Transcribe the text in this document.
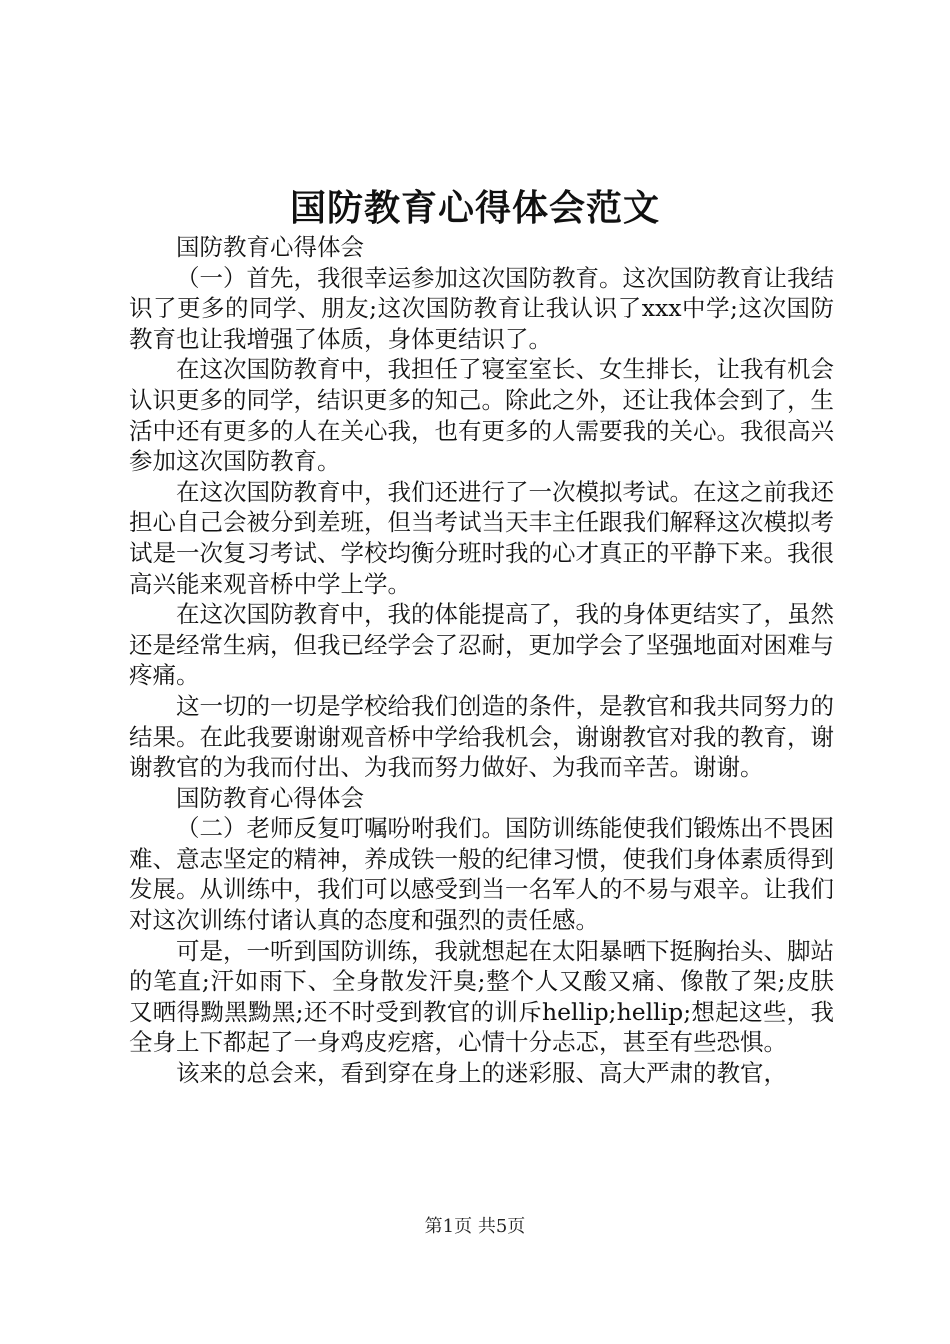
国防教育心得体会范文

国防教育心得体会

（一）首先，我很幸运参加这次国防教育。这次国防教育让我结识了更多的同学、朋友;这次国防教育让我认识了xxx中学;这次国防教育也让我增强了体质，身体更结识了。

在这次国防教育中，我担任了寝室室长、女生排长，让我有机会认识更多的同学，结识更多的知己。除此之外，还让我体会到了，生活中还有更多的人在关心我，也有更多的人需要我的关心。我很高兴参加这次国防教育。

在这次国防教育中，我们还进行了一次模拟考试。在这之前我还担心自己会被分到差班，但当考试当天丰主任跟我们解释这次模拟考试是一次复习考试、学校均衡分班时我的心才真正的平静下来。我很高兴能来观音桥中学上学。

在这次国防教育中，我的体能提高了，我的身体更结实了，虽然还是经常生病，但我已经学会了忍耐，更加学会了坚强地面对困难与疼痛。

这一切的一切是学校给我们创造的条件，是教官和我共同努力的结果。在此我要谢谢观音桥中学给我机会，谢谢教官对我的教育，谢谢教官的为我而付出、为我而努力做好、为我而辛苦。谢谢。

国防教育心得体会

（二）老师反复叮嘱吩咐我们。国防训练能使我们锻炼出不畏困难、意志坚定的精神，养成铁一般的纪律习惯，使我们身体素质得到发展。从训练中，我们可以感受到当一名军人的不易与艰辛。让我们对这次训练付诸认真的态度和强烈的责任感。

可是，一听到国防训练，我就想起在太阳暴晒下挺胸抬头、脚站的笔直;汗如雨下、全身散发汗臭;整个人又酸又痛、像散了架;皮肤又晒得黝黑黝黑;还不时受到教官的训斥hellip;hellip;想起这些，我全身上下都起了一身鸡皮疙瘩，心情十分忐忑，甚至有些恐惧。

该来的总会来，看到穿在身上的迷彩服、高大严肃的教官，

第1页 共5页
